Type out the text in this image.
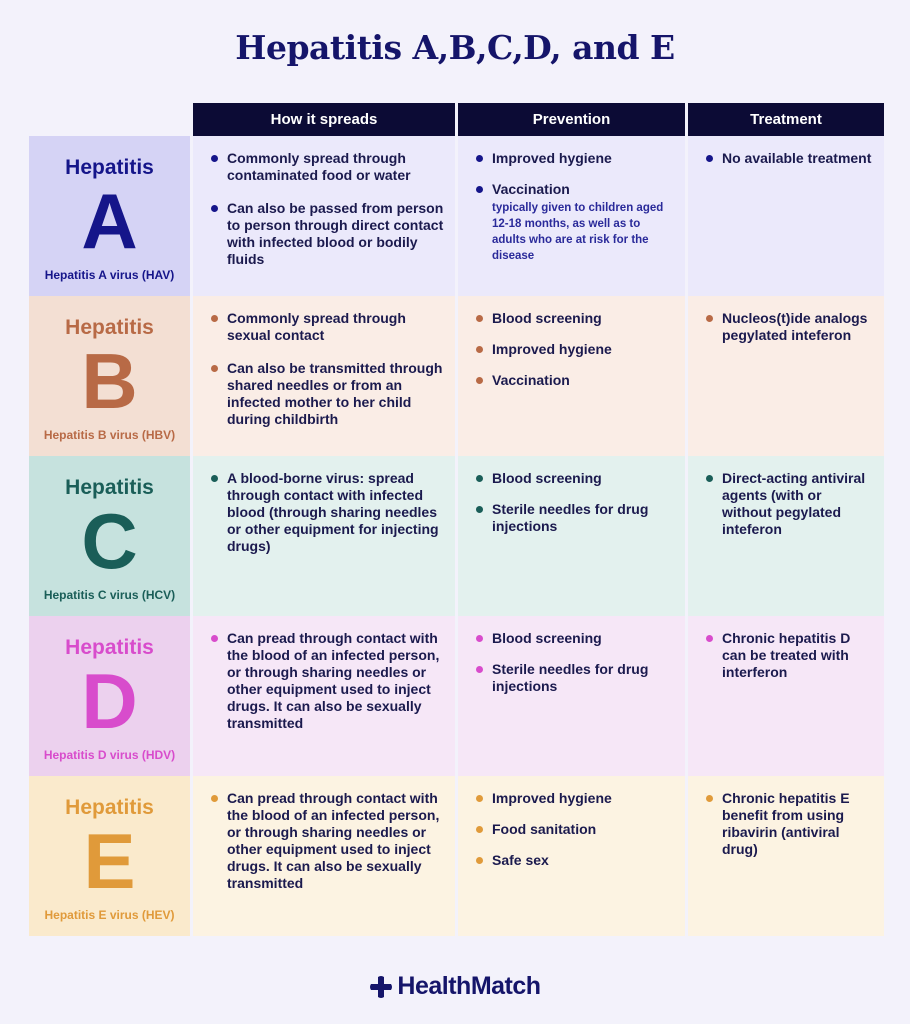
Hepatitis A,B,C,D, and E
How it spreads	Prevention	Treatment
Hepatitis
A
Hepatitis A virus (HAV)
Commonly spread through contaminated food or water
Can also be passed from person to person through direct contact with infected blood or bodily fluids
Improved hygiene
Vaccination
typically given to children aged 12-18 months, as well as to adults who are at risk for the disease
No available treatment
Hepatitis
B
Hepatitis B virus (HBV)
Commonly spread through sexual contact
Can also be transmitted through shared needles or from an infected mother to her child during childbirth
Blood screening
Improved hygiene
Vaccination
Nucleos(t)ide analogs pegylated inteferon
Hepatitis
C
Hepatitis C virus (HCV)
A blood-borne virus: spread through contact with infected blood (through sharing needles or other equipment for injecting drugs)
Blood screening
Sterile needles for drug injections
Direct-acting antiviral agents (with or without pegylated inteferon
Hepatitis
D
Hepatitis D virus (HDV)
Can pread through contact with the blood of an infected person, or through sharing needles or other equipment used to inject drugs. It can also be sexually transmitted
Blood screening
Sterile needles for drug injections
Chronic hepatitis D can be treated with interferon
Hepatitis
E
Hepatitis E virus (HEV)
Can pread through contact with the blood of an infected person, or through sharing needles or other equipment used to inject drugs. It can also be sexually transmitted
Improved hygiene
Food sanitation
Safe sex
Chronic hepatitis E benefit from using ribavirin (antiviral drug)
HealthMatch
